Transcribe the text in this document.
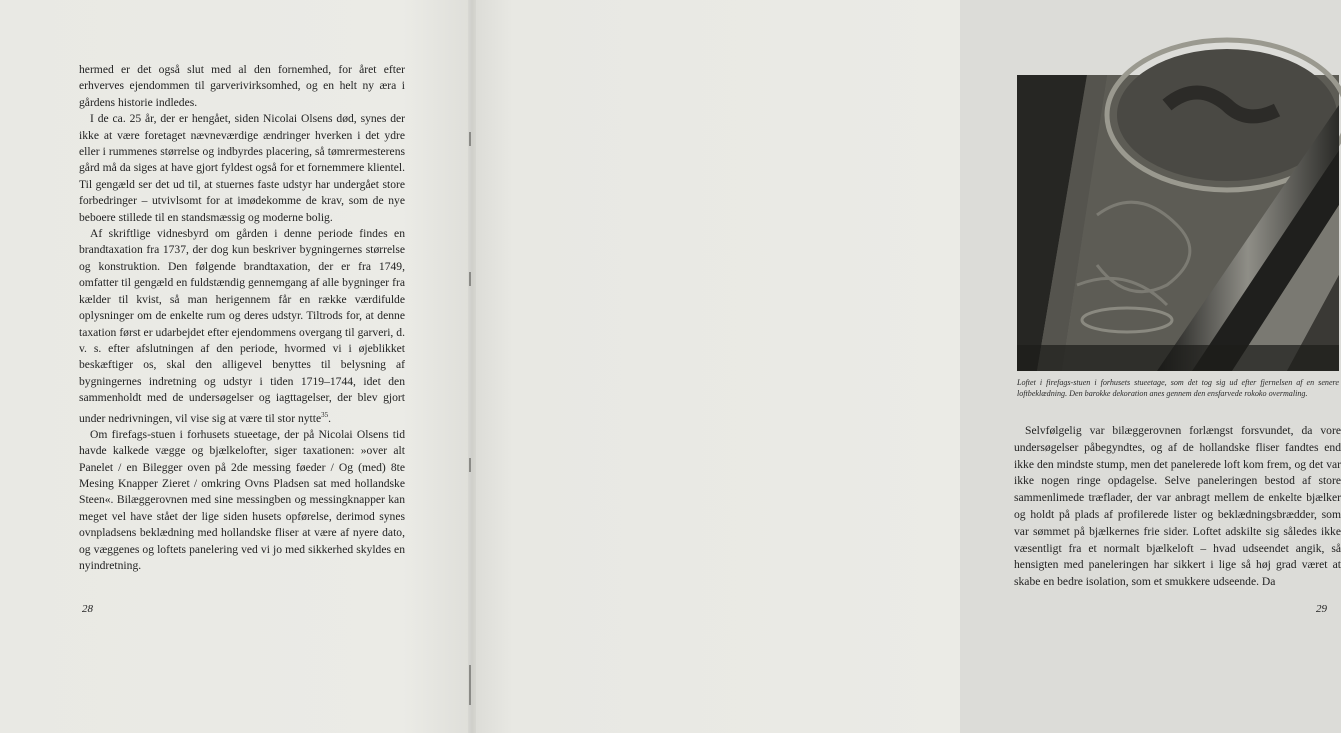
hermed er det også slut med al den fornemhed, for året efter erhverves ejendommen til garverivirksomhed, og en helt ny æra i gårdens historie indledes.

I de ca. 25 år, der er hengået, siden Nicolai Olsens død, synes der ikke at være foretaget nævneværdige ændringer hverken i det ydre eller i rummenes størrelse og indbyrdes placering, så tømrermesterens gård må da siges at have gjort fyldest også for et fornemmere klientel. Til gengæld ser det ud til, at stuernes faste udstyr har undergået store forbedringer – utvivlsomt for at imødekomme de krav, som de nye beboere stillede til en standsmæssig og moderne bolig.

Af skriftlige vidnesbyrd om gården i denne periode findes en brandtaxation fra 1737, der dog kun beskriver bygningernes størrelse og konstruktion. Den følgende brandtaxation, der er fra 1749, omfatter til gengæld en fuldstændig gennemgang af alle bygninger fra kælder til kvist, så man herigennem får en række værdifulde oplysninger om de enkelte rum og deres udstyr. Tiltrods for, at denne taxation først er udarbejdet efter ejendommens overgang til garveri, d. v. s. efter afslutningen af den periode, hvormed vi i øjeblikket beskæftiger os, skal den alligevel benyttes til belysning af bygningernes indretning og udstyr i tiden 1719–1744, idet den sammenholdt med de undersøgelser og iagttagelser, der blev gjort under nedrivningen, vil vise sig at være til stor nytte$^{35}$.

Om firefags-stuen i forhusets stueetage, der på Nicolai Olsens tid havde kalkede vægge og bjælkelofter, siger taxationen: »over alt Panelet / en Bilegger oven på 2de messing føeder / Og (med) 8te Mesing Knapper Zieret / omkring Ovns Pladsen sat med hollandske Steen«. Bilæggerovnen med sine messingben og messingknapper kan meget vel have stået der lige siden husets opførelse, derimod synes ovnpladsens beklædning med hollandske fliser at være af nyere dato, og væggenes og loftets panelering ved vi jo med sikkerhed skyldes en nyindretning.

28
Loftet i firefags-stuen i forhusets stueetage, som det tog sig ud efter fjernelsen af en senere loftbeklædning. Den barokke dekoration anes gennem den ensfarvede rokoko overmaling.

Selvfølgelig var bilæggerovnen forlængst forsvundet, da vore undersøgelser påbegyndtes, og af de hollandske fliser fandtes end ikke den mindste stump, men det panelerede loft kom frem, og det var ikke nogen ringe opdagelse. Selve paneleringen bestod af store sammenlimede træflader, der var anbragt mellem de enkelte bjælker og holdt på plads af profilerede lister og beklædningsbrædder, som var sømmet på bjælkernes frie sider. Loftet adskilte sig således ikke væsentligt fra et normalt bjælkeloft – hvad udseendet angik, så hensigten med paneleringen har sikkert i lige så høj grad været at skabe en bedre isolation, som et smukkere udseende. Da

29
